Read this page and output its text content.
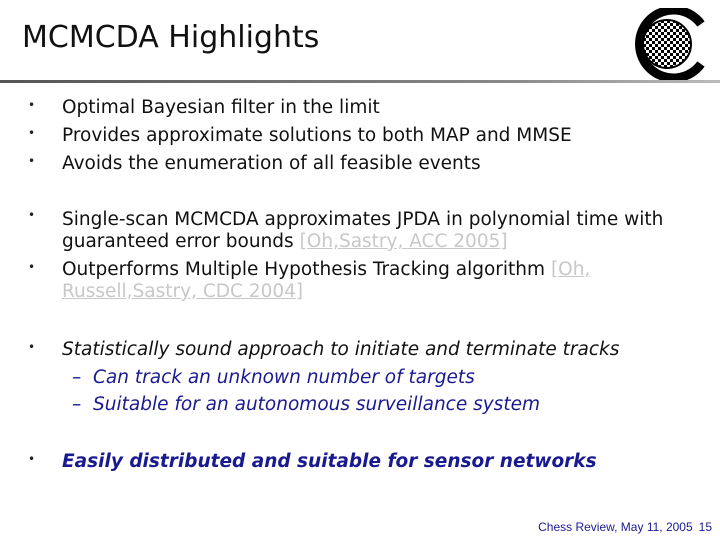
MCMCDA Highlights
• Optimal Bayesian filter in the limit
• Provides approximate solutions to both MAP and MMSE
• Avoids the enumeration of all feasible events
• Single-scan MCMCDA approximates JPDA in polynomial time with
guaranteed error bounds [Oh,Sastry, ACC 2005]
• Outperforms Multiple Hypothesis Tracking algorithm [Oh,
Russell,Sastry, CDC 2004]
• Statistically sound approach to initiate and terminate tracks
– Can track an unknown number of targets
– Suitable for an autonomous surveillance system
• Easily distributed and suitable for sensor networks
Chess Review, May 11, 2005 15
